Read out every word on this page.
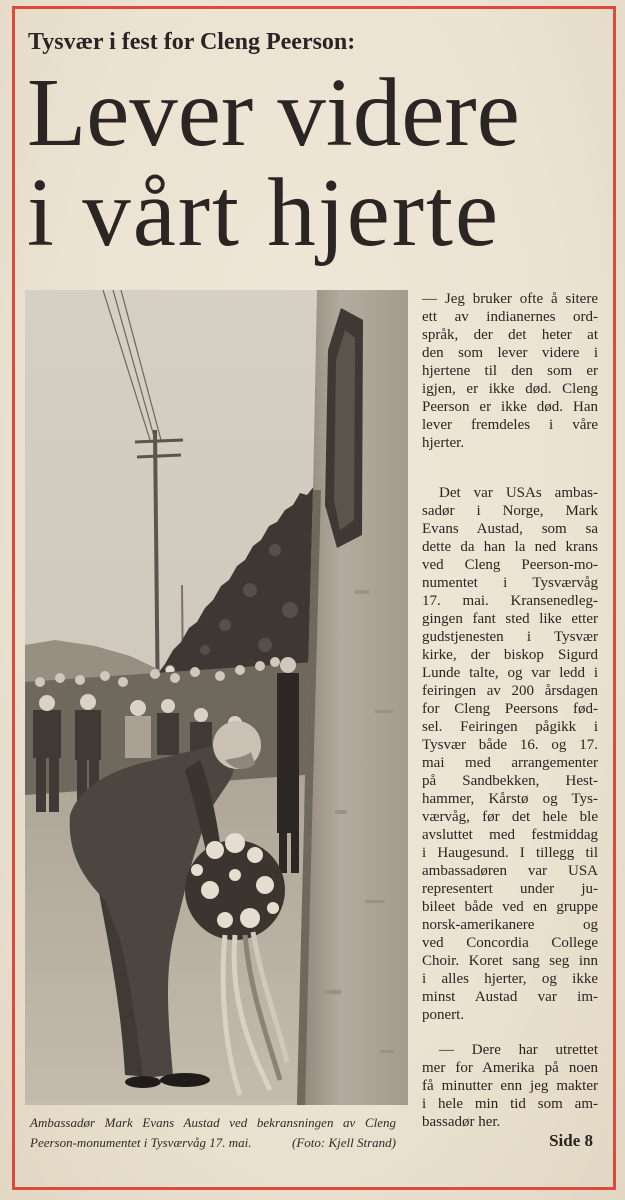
Tysvær i fest for Cleng Peerson:
Lever videre
i vårt hjerte
Ambassadør Mark Evans Austad ved bekransningen av Cleng
Peerson-monumentet i Tysværvåg 17. mai.	(Foto: Kjell Strand)
— Jeg bruker ofte å sitere
ett av indianernes ord-
språk, der det heter at
den som lever videre i
hjertene til den som er
igjen, er ikke død. Cleng
Peerson er ikke død. Han
lever fremdeles i våre
hjerter.
Det var USAs ambas-
sadør i Norge, Mark
Evans Austad, som sa
dette da han la ned krans
ved Cleng Peerson-mo-
numentet i Tysværvåg
17. mai. Kransenedleg-
gingen fant sted like etter
gudstjenesten i Tysvær
kirke, der biskop Sigurd
Lunde talte, og var ledd i
feiringen av 200 årsdagen
for Cleng Peersons fød-
sel. Feiringen pågikk i
Tysvær både 16. og 17.
mai med arrangementer
på Sandbekken, Hest-
hammer, Kårstø og Tys-
værvåg, før det hele ble
avsluttet med festmiddag
i Haugesund. I tillegg til
ambassadøren var USA
representert under ju-
bileet både ved en gruppe
norsk-amerikanere og
ved Concordia College
Choir. Koret sang seg inn
i alles hjerter, og ikke
minst Austad var im-
ponert.
— Dere har utrettet
mer for Amerika på noen
få minutter enn jeg makter
i hele min tid som am-
bassadør her.
Side 8
